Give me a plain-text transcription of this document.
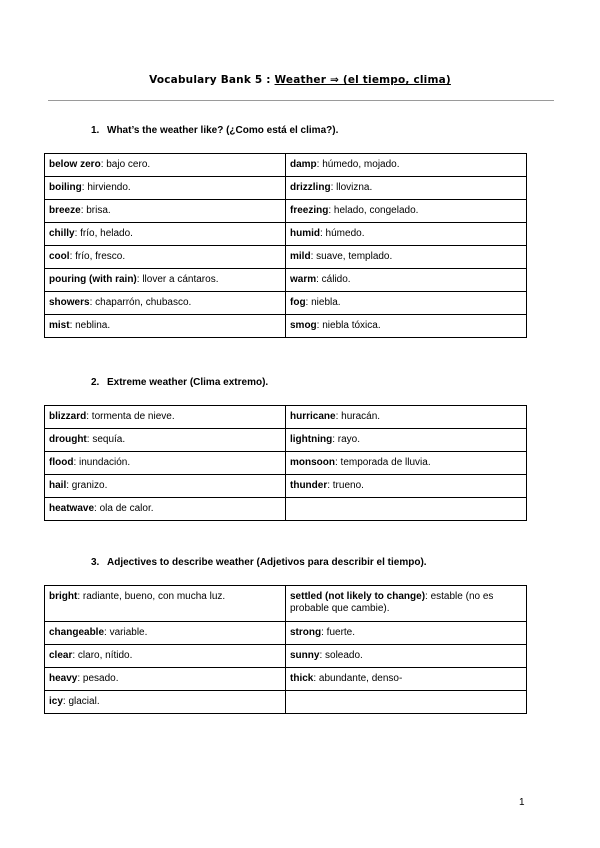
Vocabulary Bank 5 : Weather ⇒ (el tiempo, clima)
1. What’s the weather like? (¿Como está el clima?).
below zero: bajo cero.	damp: húmedo, mojado.
boiling: hirviendo.	drizzling: llovizna.
breeze: brisa.	freezing: helado, congelado.
chilly: frío, helado.	humid: húmedo.
cool: frío, fresco.	mild: suave, templado.
pouring (with rain): llover a cántaros.	warm: cálido.
showers: chaparrón, chubasco.	fog: niebla.
mist: neblina.	smog: niebla tóxica.
2. Extreme weather (Clima extremo).
blizzard: tormenta de nieve.	hurricane: huracán.
drought: sequía.	lightning: rayo.
flood: inundación.	monsoon: temporada de lluvia.
hail: granizo.	thunder: trueno.
heatwave: ola de calor.	
3. Adjectives to describe weather (Adjetivos para describir el tiempo).
bright: radiante, bueno, con mucha luz.	settled (not likely to change): estable (no es probable que cambie).
changeable: variable.	strong: fuerte.
clear: claro, nítido.	sunny: soleado.
heavy: pesado.	thick: abundante, denso-
icy: glacial.	
1
